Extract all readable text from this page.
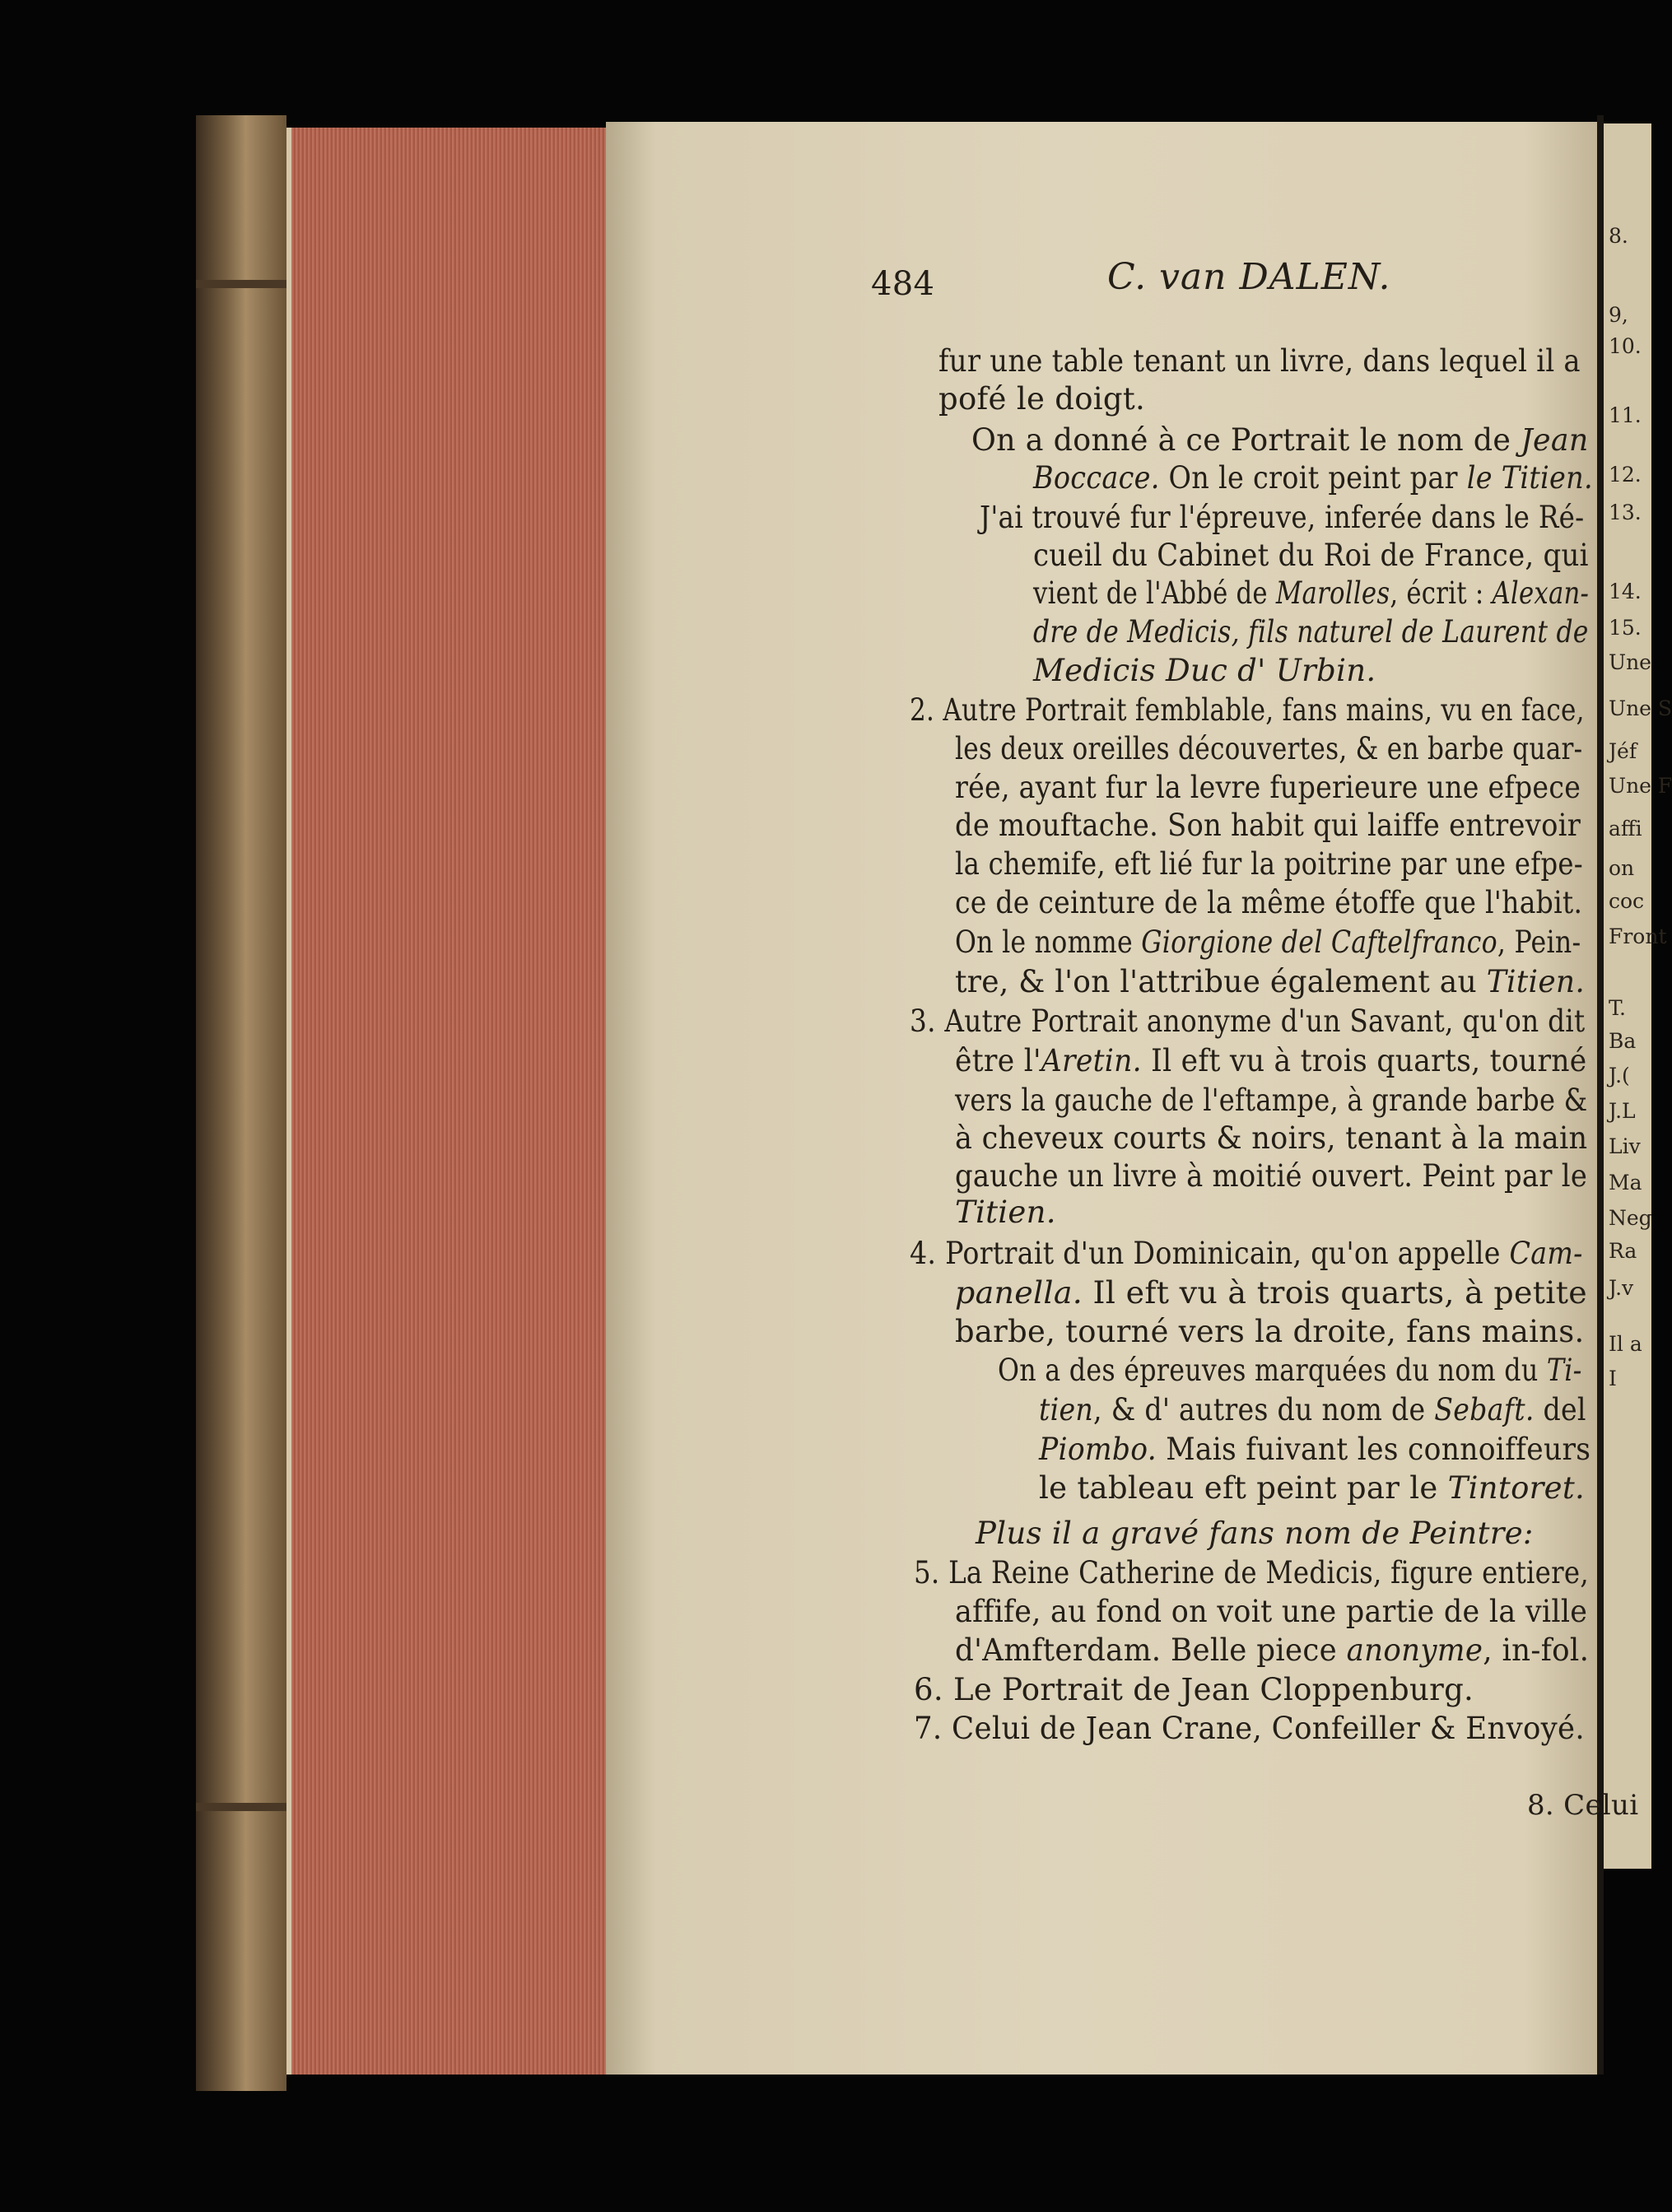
8.
9,
10.
11.
12.
13.
14.
15.
Une
Une S
Jéf
Une F
affi
on
coc
Front
T.
Ba
J.(
J.L
Liv
Ma
Neg
Ra
J.v
Il a
I
484	C. van DALEN.
fur une table tenant un livre, dans lequel il a
pofé le doigt.
On a donné à ce Portrait le nom de Jean
Boccace. On le croit peint par le Titien.
J'ai trouvé fur l'épreuve, inferée dans le Ré-
cueil du Cabinet du Roi de France, qui
vient de l'Abbé de Marolles, écrit : Alexan-
dre de Medicis, fils naturel de Laurent de
Medicis Duc d' Urbin.
2. Autre Portrait femblable, fans mains, vu en face,
les deux oreilles découvertes, & en barbe quar-
rée, ayant fur la levre fuperieure une efpece
de mouftache. Son habit qui laiffe entrevoir
la chemife, eft lié fur la poitrine par une efpe-
ce de ceinture de la même étoffe que l'habit.
On le nomme Giorgione del Caftelfranco, Pein-
tre, & l'on l'attribue également au Titien.
3. Autre Portrait anonyme d'un Savant, qu'on dit
être l'Aretin. Il eft vu à trois quarts, tourné
vers la gauche de l'eftampe, à grande barbe &
à cheveux courts & noirs, tenant à la main
gauche un livre à moitié ouvert. Peint par le
Titien.
4. Portrait d'un Dominicain, qu'on appelle Cam-
panella. Il eft vu à trois quarts, à petite
barbe, tourné vers la droite, fans mains.
On a des épreuves marquées du nom du Ti-
tien, & d' autres du nom de Sebaft. del
Piombo. Mais fuivant les connoiffeurs
le tableau eft peint par le Tintoret.
Plus il a gravé fans nom de Peintre:
5. La Reine Catherine de Medicis, figure entiere,
affife, au fond on voit une partie de la ville
d'Amfterdam. Belle piece anonyme, in-fol.
6. Le Portrait de Jean Cloppenburg.
7. Celui de Jean Crane, Confeiller & Envoyé.
8. Celui
